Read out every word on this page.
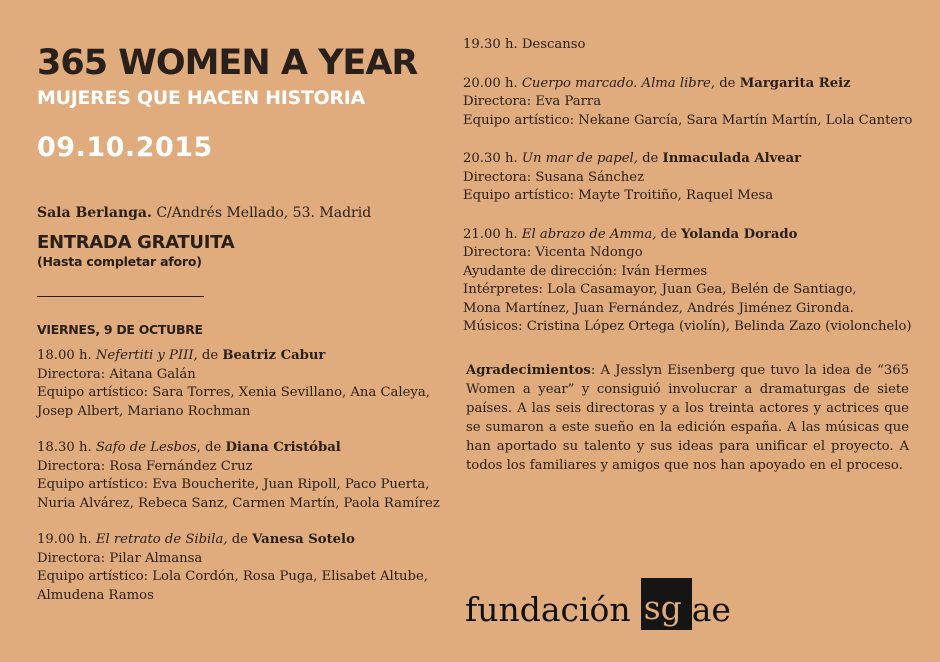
365 WOMEN A YEAR
MUJERES QUE HACEN HISTORIA
09.10.2015
Sala Berlanga. C/Andrés Mellado, 53. Madrid
ENTRADA GRATUITA
(Hasta completar aforo)
VIERNES, 9 DE OCTUBRE
18.00 h. Nefertiti y PIII, de Beatriz Cabur
Directora: Aitana Galán
Equipo artístico: Sara Torres, Xenia Sevillano, Ana Caleya,
Josep Albert, Mariano Rochman
18.30 h. Safo de Lesbos, de Diana Cristóbal
Directora: Rosa Fernández Cruz
Equipo artístico: Eva Boucherite, Juan Ripoll, Paco Puerta,
Nuria Alvárez, Rebeca Sanz, Carmen Martín, Paola Ramírez
19.00 h. El retrato de Sibila, de Vanesa Sotelo
Directora: Pilar Almansa
Equipo artístico: Lola Cordón, Rosa Puga, Elisabet Altube,
Almudena Ramos
19.30 h. Descanso
20.00 h. Cuerpo marcado. Alma libre, de Margarita Reiz
Directora: Eva Parra
Equipo artístico: Nekane García, Sara Martín Martín, Lola Cantero
20.30 h. Un mar de papel, de Inmaculada Alvear
Directora: Susana Sánchez
Equipo artístico: Mayte Troitiño, Raquel Mesa
21.00 h. El abrazo de Amma, de Yolanda Dorado
Directora: Vicenta Ndongo
Ayudante de dirección: Iván Hermes
Intérpretes: Lola Casamayor, Juan Gea, Belén de Santiago,
Mona Martínez, Juan Fernández, Andrés Jiménez Gironda.
Músicos: Cristina López Ortega (violín), Belinda Zazo (violonchelo)
Agradecimientos: A Jesslyn Eisenberg que tuvo la idea de “365 Women a year” y consiguió involucrar a dramaturgas de siete países. A las seis directoras y a los treinta actores y actrices que se sumaron a este sueño en la edición españa. A las músicas que han aportado su talento y sus ideas para unificar el proyecto. A todos los familiares y amigos que nos han apoyado en el proceso.
fundación sg ae
